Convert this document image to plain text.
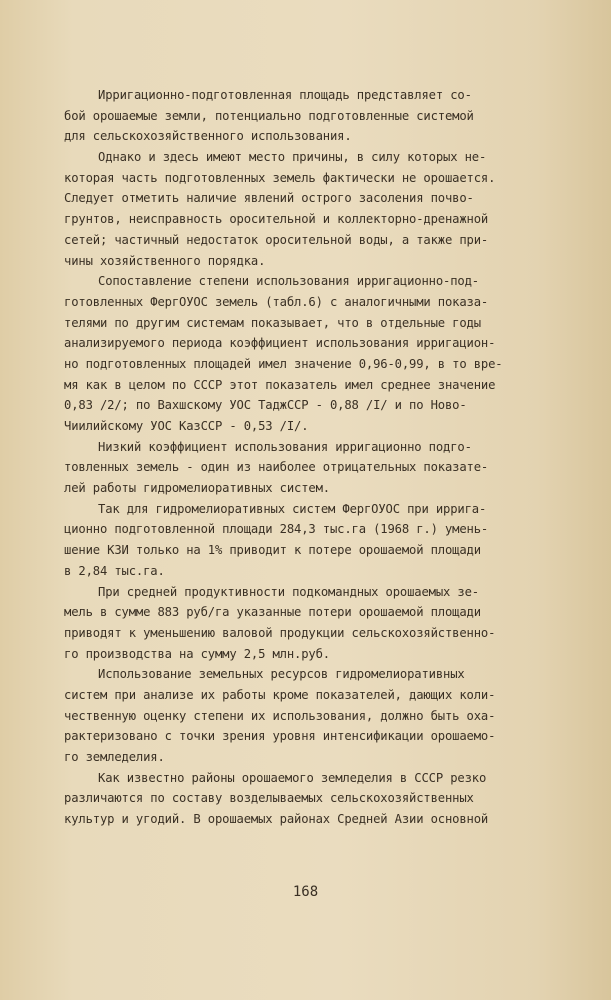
Ирригационно-подготовленная площадь представляет со-
бой орошаемые земли, потенциально подготовленные системой
для сельскохозяйственного использования.
Однако и здесь имеют место причины, в силу которых не-
которая часть подготовленных земель фактически не орошается.
Следует отметить наличие явлений острого засоления почво-
грунтов, неисправность оросительной и коллекторно-дренажной
сетей; частичный недостаток оросительной воды, а также при-
чины хозяйственного порядка.
Сопоставление степени использования ирригационно-под-
готовленных ФергОУОС земель (табл.6) с аналогичными показа-
телями по другим системам показывает, что в отдельные годы
анализируемого периода коэффициент использования ирригацион-
но подготовленных площадей имел значение 0,96-0,99, в то вре-
мя как в целом по СССР этот показатель имел среднее значение
0,83 /2/; по Вахшскому УОС ТаджССР - 0,88 /I/ и по Ново-
Чиилийскому УОС КазССР - 0,53 /I/.
Низкий коэффициент использования ирригационно подго-
товленных земель - один из наиболее отрицательных показате-
лей работы гидромелиоративных систем.
Так для гидромелиоративных систем ФергОУОС при иррига-
ционно подготовленной площади 284,3 тыс.га (1968 г.) умень-
шение КЗИ только на 1% приводит к потере орошаемой площади
в 2,84 тыс.га.
При средней продуктивности подкомандных орошаемых зе-
мель в сумме 883 руб/га указанные потери орошаемой площади
приводят к уменьшению валовой продукции сельскохозяйственно-
го производства на сумму 2,5 млн.руб.
Использование земельных ресурсов гидромелиоративных
систем при анализе их работы кроме показателей, дающих коли-
чественную оценку степени их использования, должно быть оха-
рактеризовано с точки зрения уровня интенсификации орошаемо-
го земледелия.
Как известно районы орошаемого земледелия в СССР резко
различаются по составу возделываемых сельскохозяйственных
культур и угодий. В орошаемых районах Средней Азии основной
168
